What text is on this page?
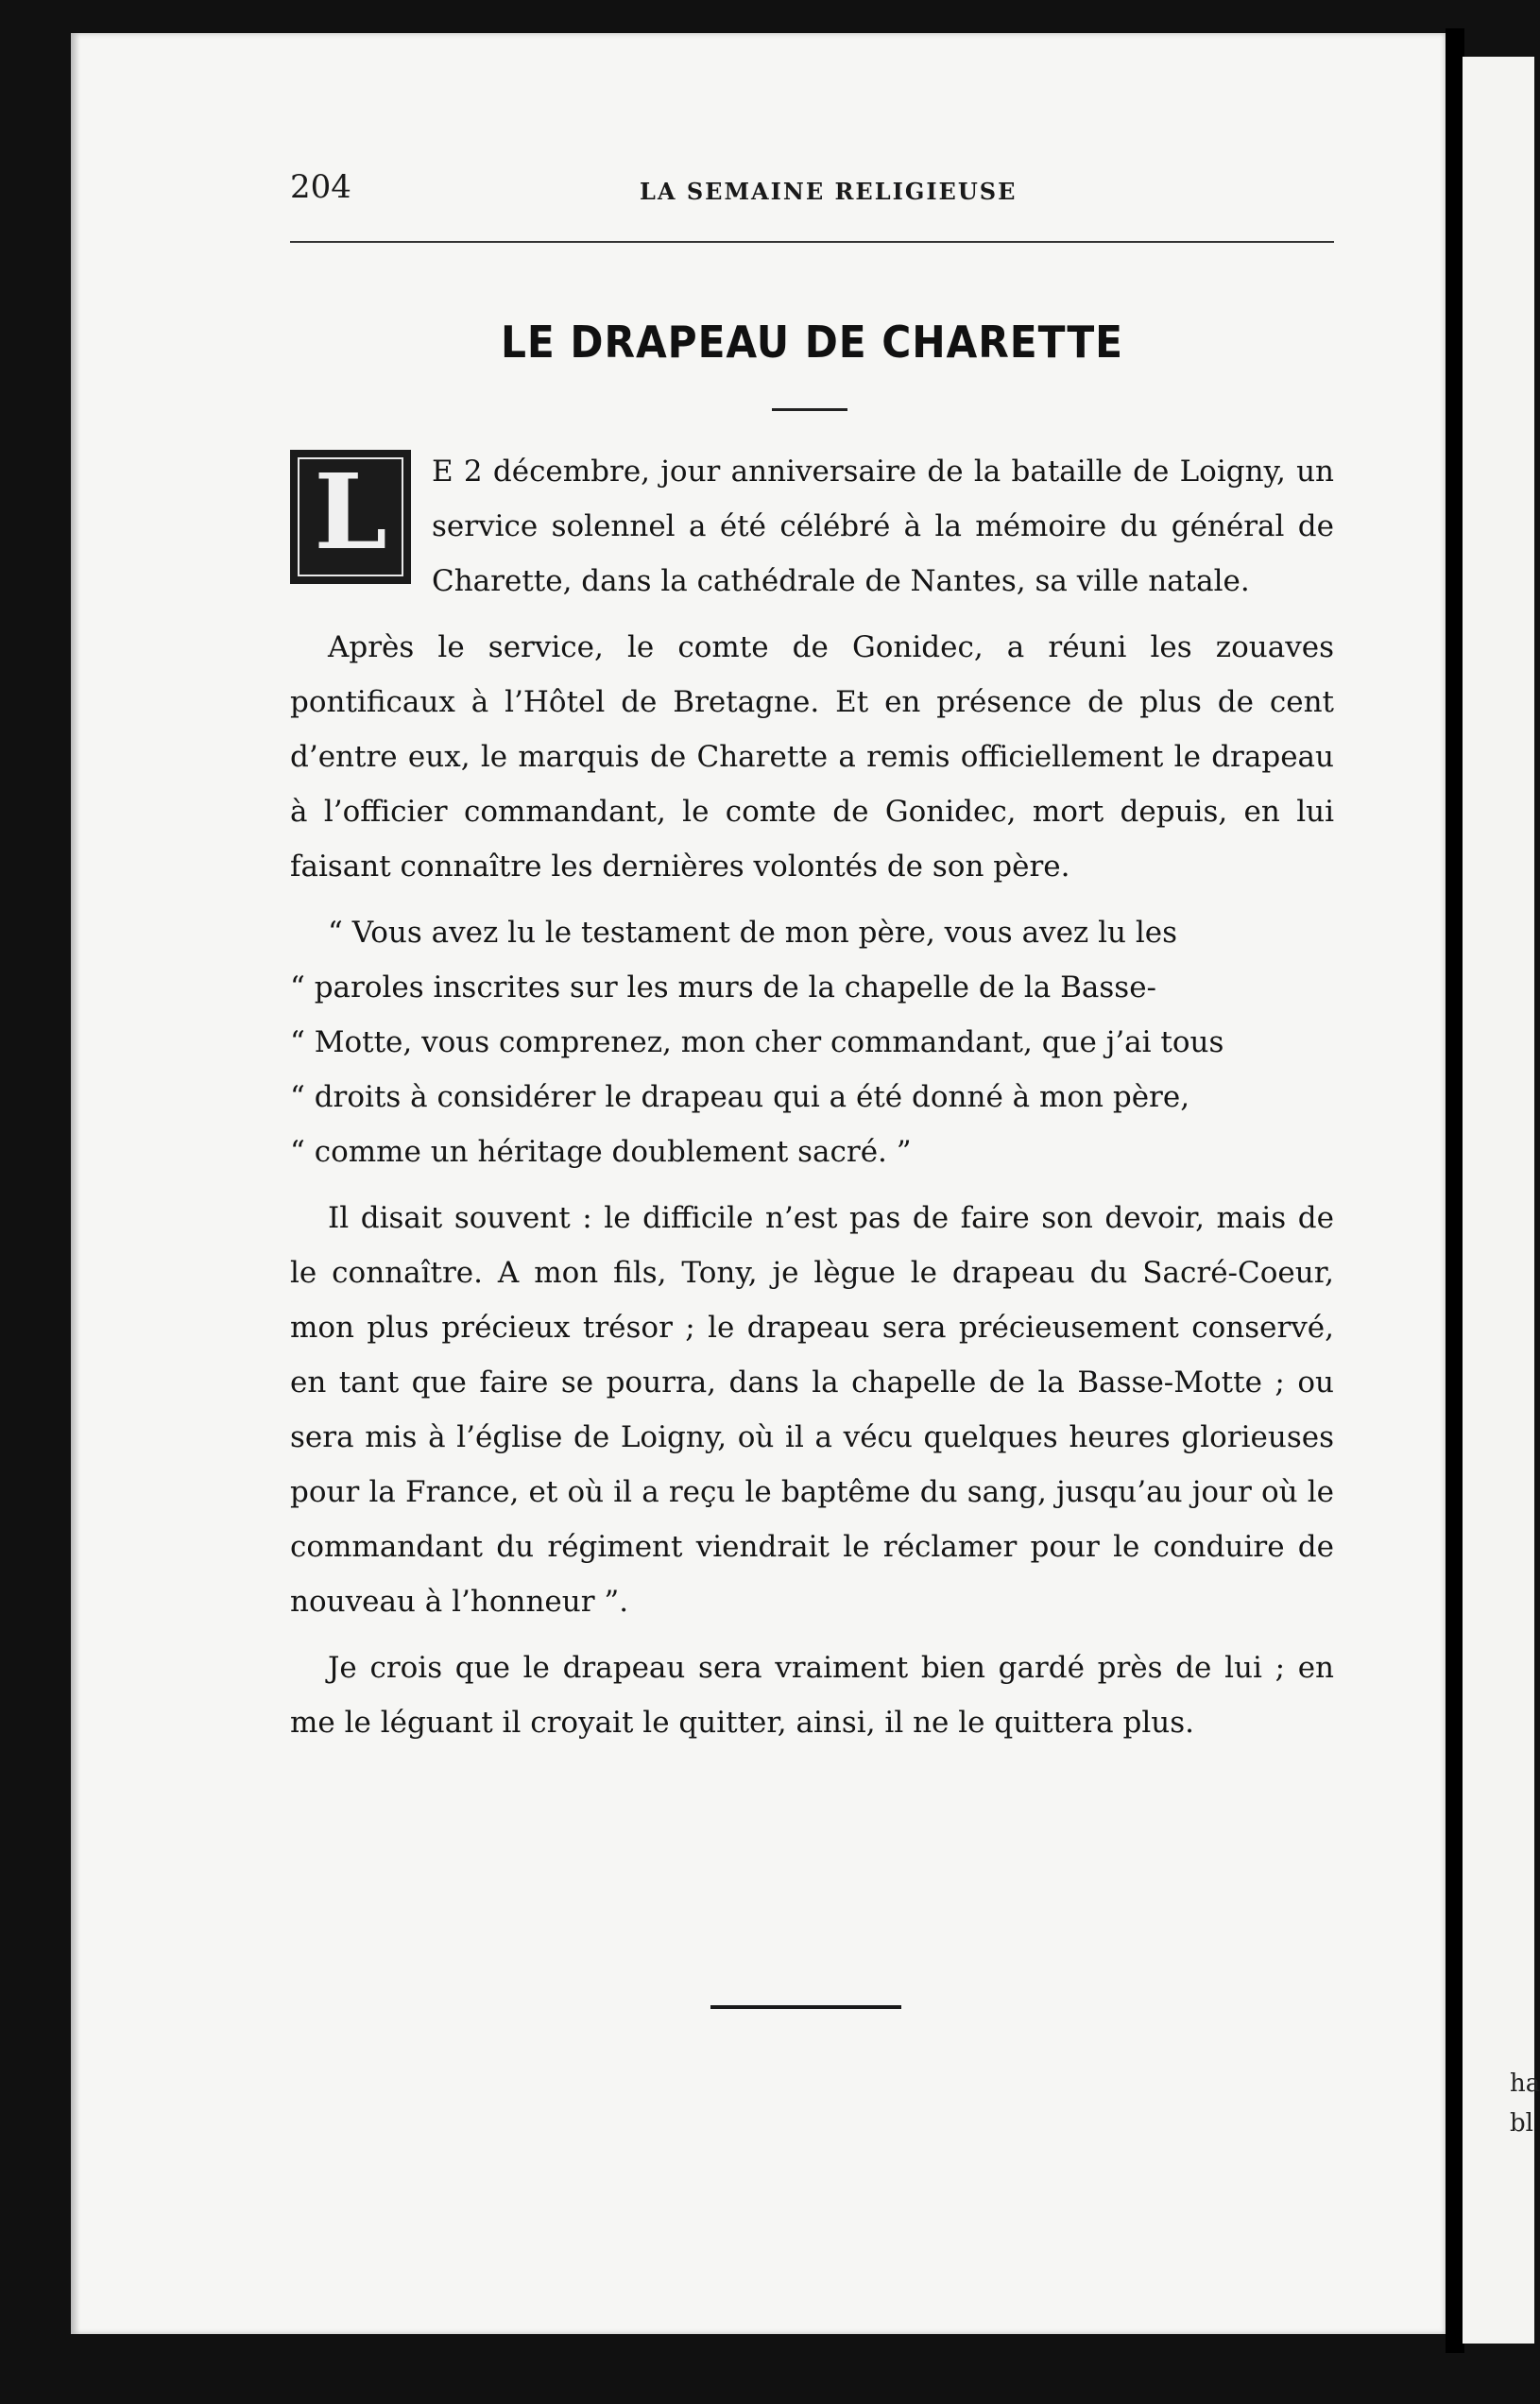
ha
bl
204	LA SEMAINE RELIGIEUSE
LE DRAPEAU DE CHARETTE

L	E 2 décembre, jour anniversaire de la bataille de Loigny, un service solennel a été célébré à la mémoire du général de Charette, dans la cathédrale de Nantes, sa ville natale.

Après le service, le comte de Gonidec, a réuni les zouaves pontificaux à l’Hôtel de Bretagne. Et en présence de plus de cent d’entre eux, le marquis de Charette a remis officiellement le drapeau à l’officier commandant, le comte de Gonidec, mort depuis, en lui faisant connaître les dernières volontés de son père.

“ Vous avez lu le testament de mon père, vous avez lu les
“ paroles inscrites sur les murs de la chapelle de la Basse-
“ Motte, vous comprenez, mon cher commandant, que j’ai tous
“ droits à considérer le drapeau qui a été donné à mon père,
“ comme un héritage doublement sacré. ”

Il disait souvent : le difficile n’est pas de faire son devoir, mais de le connaître. A mon fils, Tony, je lègue le drapeau du Sacré-Coeur, mon plus précieux trésor ; le drapeau sera précieusement conservé, en tant que faire se pourra, dans la chapelle de la Basse-Motte ; ou sera mis à l’église de Loigny, où il a vécu quelques heures glorieuses pour la France, et où il a reçu le baptême du sang, jusqu’au jour où le commandant du régiment viendrait le réclamer pour le conduire de nouveau à l’honneur ”.

Je crois que le drapeau sera vraiment bien gardé près de lui ; en me le léguant il croyait le quitter, ainsi, il ne le quittera plus.
